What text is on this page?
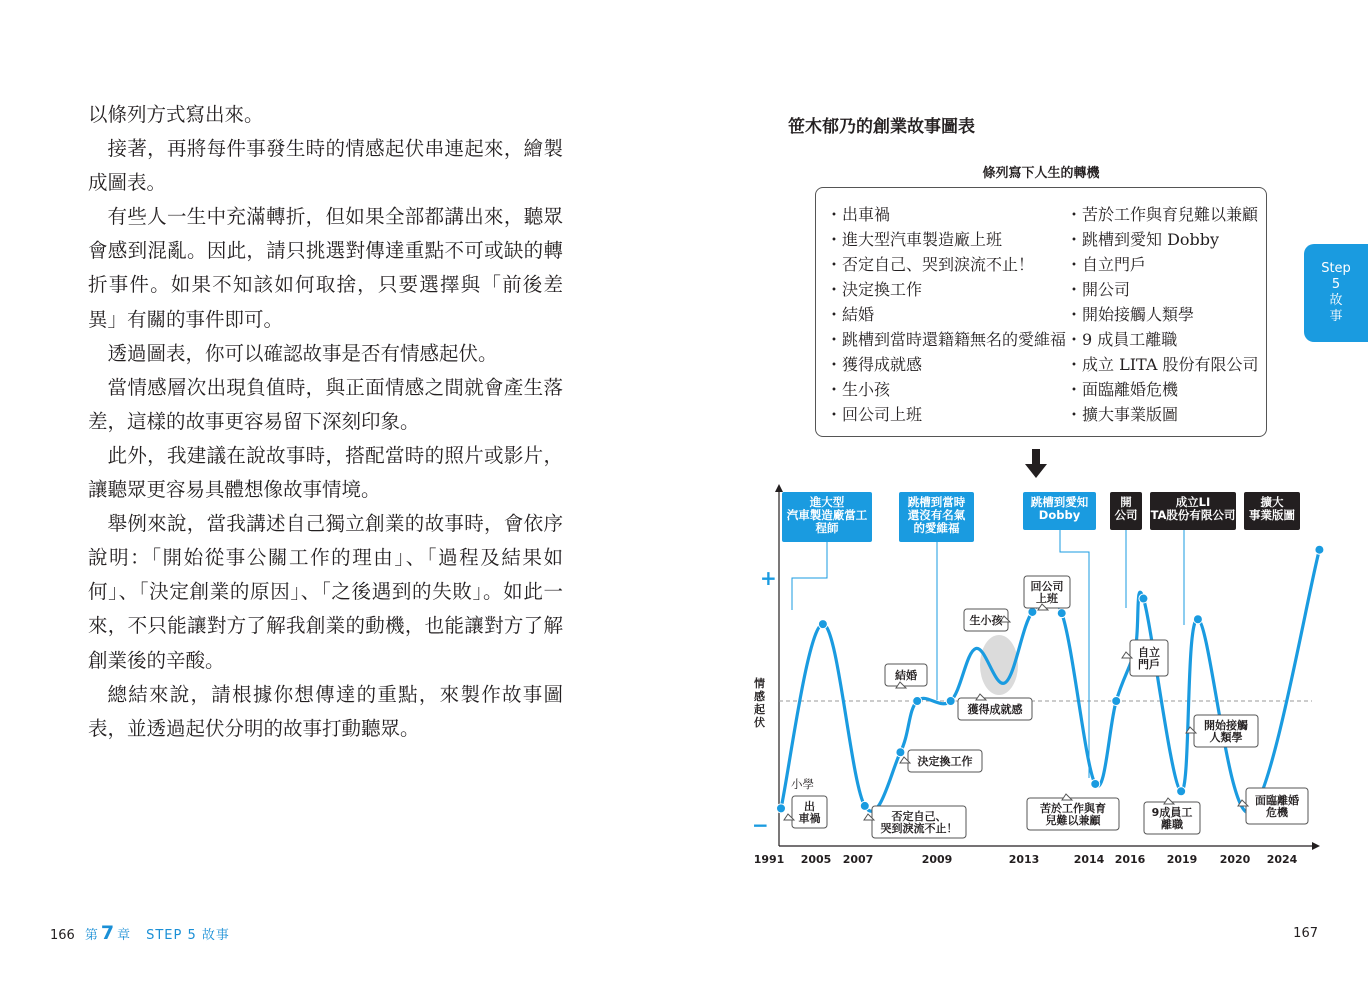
以條列方式寫出來。

接著，再將每件事發生時的情感起伏串連起來，繪製成圖表。

有些人一生中充滿轉折，但如果全部都講出來，聽眾會感到混亂。因此，請只挑選對傳達重點不可或缺的轉折事件。如果不知該如何取捨，只要選擇與「前後差異」有關的事件即可。

透過圖表，你可以確認故事是否有情感起伏。

當情感層次出現負值時，與正面情感之間就會產生落差，這樣的故事更容易留下深刻印象。

此外，我建議在說故事時，搭配當時的照片或影片，讓聽眾更容易具體想像故事情境。

舉例來說，當我講述自己獨立創業的故事時，會依序說明：「開始從事公關工作的理由」、「過程及結果如何」、「決定創業的原因」、「之後遇到的失敗」。如此一來，不只能讓對方了解我創業的動機，也能讓對方了解創業後的辛酸。

總結來說，請根據你想傳達的重點，來製作故事圖表，並透過起伏分明的故事打動聽眾。

166 第 7 章 STEP 5 故事
笹木郁乃的創業故事圖表
條列寫下人生的轉機
・出車禍
・進大型汽車製造廠上班
・否定自己、哭到淚流不止！
・決定換工作
・結婚
・跳槽到當時還籍籍無名的愛維福
・獲得成就感
・生小孩
・回公司上班
・苦於工作與育兒難以兼顧
・跳槽到愛知 Dobby
・自立門戶
・開公司
・開始接觸人類學
・9 成員工離職
・成立 LITA 股份有限公司
・面臨離婚危機
・擴大事業版圖
+
−
情
感
起
伏
1991 2005 2007	2009	2013	2014 2016 2019 2020 2024
進大型
汽車製造廠當工
程師
跳槽到當時
還沒有名氣
的愛維福
跳槽到愛知
Dobby
開
公司
成立LI
TA股份有限公司
擴大
事業版圖
小學
出
車禍	否定自己、
哭到淚流不止！
決定換工作
結婚
獲得成就感
生小孩
回公司
上班
苦於工作與育
兒難以兼顧
自立
門戶
9成員工
離職
開始接觸
人類學
面臨離婚
危機
Step
5
故
事
167
